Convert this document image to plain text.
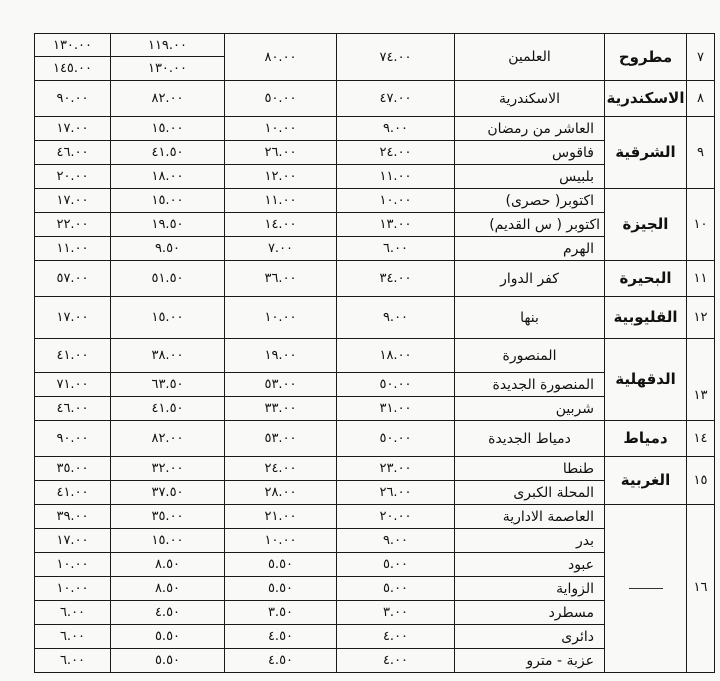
١٣٠.٠٠	١١٩.٠٠	٨٠.٠٠	٧٤.٠٠	العلمين	مطروح	٧
١٤٥.٠٠	١٣٠.٠٠					
٩٠.٠٠	٨٢.٠٠	٥٠.٠٠	٤٧.٠٠	الاسكندرية	الاسكندرية	٨
١٧.٠٠	١٥.٠٠	١٠.٠٠	٩.٠٠	العاشر من رمضان	الشرقية	٩
٤٦.٠٠	٤١.٥٠	٢٦.٠٠	٢٤.٠٠	فاقوس		
٢٠.٠٠	١٨.٠٠	١٢.٠٠	١١.٠٠	بلبيس		
١٧.٠٠	١٥.٠٠	١١.٠٠	١٠.٠٠	اكتوبر( حصرى)	الجيزة	١٠
٢٢.٠٠	١٩.٥٠	١٤.٠٠	١٣.٠٠	اكتوبر ( س القديم)		
١١.٠٠	٩.٥٠	٧.٠٠	٦.٠٠	الهرم		
٥٧.٠٠	٥١.٥٠	٣٦.٠٠	٣٤.٠٠	كفر الدوار	البحيرة	١١
١٧.٠٠	١٥.٠٠	١٠.٠٠	٩.٠٠	بنها	القليوبية	١٢
٤١.٠٠	٣٨.٠٠	١٩.٠٠	١٨.٠٠	المنصورة	الدقهلية	١٣
٧١.٠٠	٦٣.٥٠	٥٣.٠٠	٥٠.٠٠	المنصورة الجديدة		
٤٦.٠٠	٤١.٥٠	٣٣.٠٠	٣١.٠٠	شربين		
٩٠.٠٠	٨٢.٠٠	٥٣.٠٠	٥٠.٠٠	دمياط الجديدة	دمياط	١٤
٣٥.٠٠	٣٢.٠٠	٢٤.٠٠	٢٣.٠٠	طنطا	الغربية	١٥
٤١.٠٠	٣٧.٥٠	٢٨.٠٠	٢٦.٠٠	المحلة الكبرى		
٣٩.٠٠	٣٥.٠٠	٢١.٠٠	٢٠.٠٠	العاصمة الادارية		١٦
١٧.٠٠	١٥.٠٠	١٠.٠٠	٩.٠٠	بدر		
١٠.٠٠	٨.٥٠	٥.٥٠	٥.٠٠	عبود		
١٠.٠٠	٨.٥٠	٥.٥٠	٥.٠٠	الزواية		
٦.٠٠	٤.٥٠	٣.٥٠	٣.٠٠	مسطرد		
٦.٠٠	٥.٥٠	٤.٥٠	٤.٠٠	دائرى		
٦.٠٠	٥.٥٠	٤.٥٠	٤.٠٠	عزبة - مترو		
